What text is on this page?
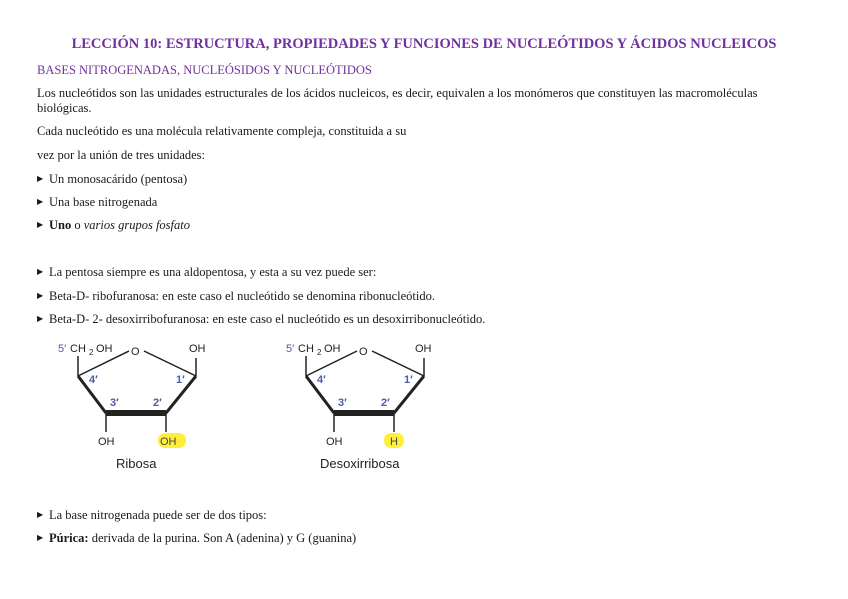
LECCIÓN 10: ESTRUCTURA, PROPIEDADES Y FUNCIONES DE NUCLEÓTIDOS Y ÁCIDOS NUCLEICOS
BASES NITROGENADAS, NUCLEÓSIDOS Y NUCLEÓTIDOS
Los nucleótidos son las unidades estructurales de los ácidos nucleicos, es decir, equivalen a los monómeros que constituyen las macromoléculas
biológicas.
Cada nucleótido es una molécula relativamente compleja, constituida a su
vez por la unión de tres unidades:
▶ Un monosacárido (pentosa)
▶ Una base nitrogenada
▶ Uno o varios grupos fosfato
▶ La pentosa siempre es una aldopentosa, y esta a su vez puede ser:
▶ Beta-D- ribofuranosa: en este caso el nucleótido se denomina ribonucleótido.
▶ Beta-D- 2- desoxirribofuranosa: en este caso el nucleótido es un desoxirribonucleótido.
5′ CH 2 OH O	OH
4′	1′
3′	2′
OH	OH
Ribosa
5′ CH 2 OH O	OH
4′	1′
3′	2′
OH	H
Desoxirribosa
▶ La base nitrogenada puede ser de dos tipos:
▶ Púrica: derivada de la purina. Son A (adenina) y G (guanina)
